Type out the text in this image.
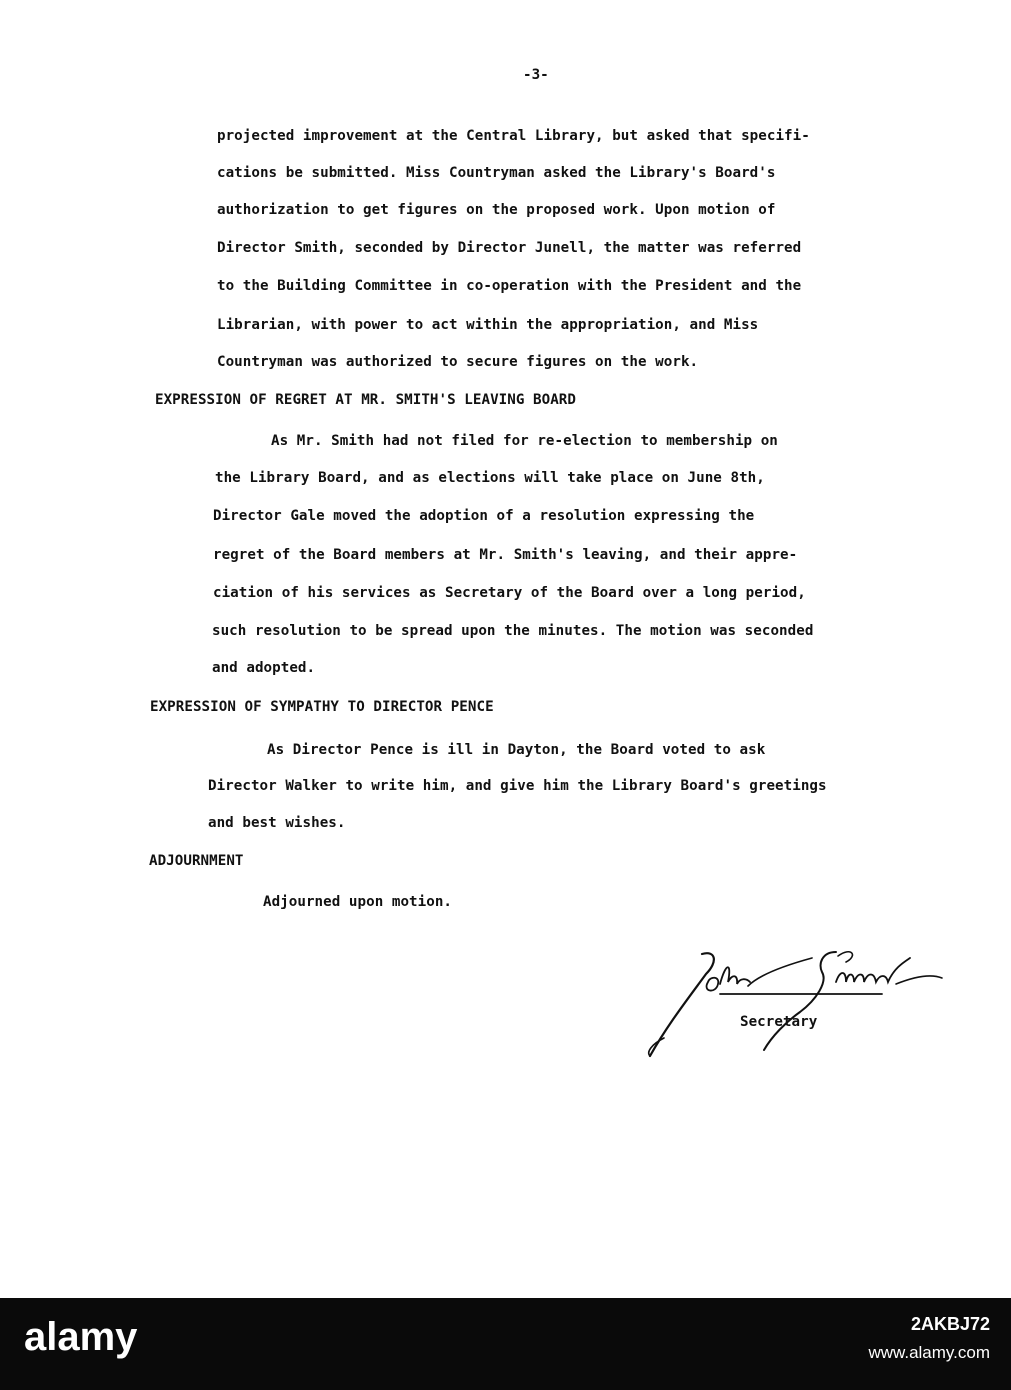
-3-

projected improvement at the Central Library, but asked that specifi-

cations be submitted. Miss Countryman asked the Library's Board's

authorization to get figures on the proposed work. Upon motion of

Director Smith, seconded by Director Junell, the matter was referred

to the Building Committee in co-operation with the President and the

Librarian, with power to act within the appropriation, and Miss

Countryman was authorized to secure figures on the work.

EXPRESSION OF REGRET AT MR. SMITH'S LEAVING BOARD

As Mr. Smith had not filed for re-election to membership on

the Library Board, and as elections will take place on June 8th,

Director Gale moved the adoption of a resolution expressing the

regret of the Board members at Mr. Smith's leaving, and their appre-

ciation of his services as Secretary of the Board over a long period,

such resolution to be spread upon the minutes. The motion was seconded

and adopted.

EXPRESSION OF SYMPATHY TO DIRECTOR PENCE

As Director Pence is ill in Dayton, the Board voted to ask

Director Walker to write him, and give him the Library Board's greetings

and best wishes.

ADJOURNMENT

Adjourned upon motion.

Secretary

alamy	2AKBJ72
www.alamy.com
